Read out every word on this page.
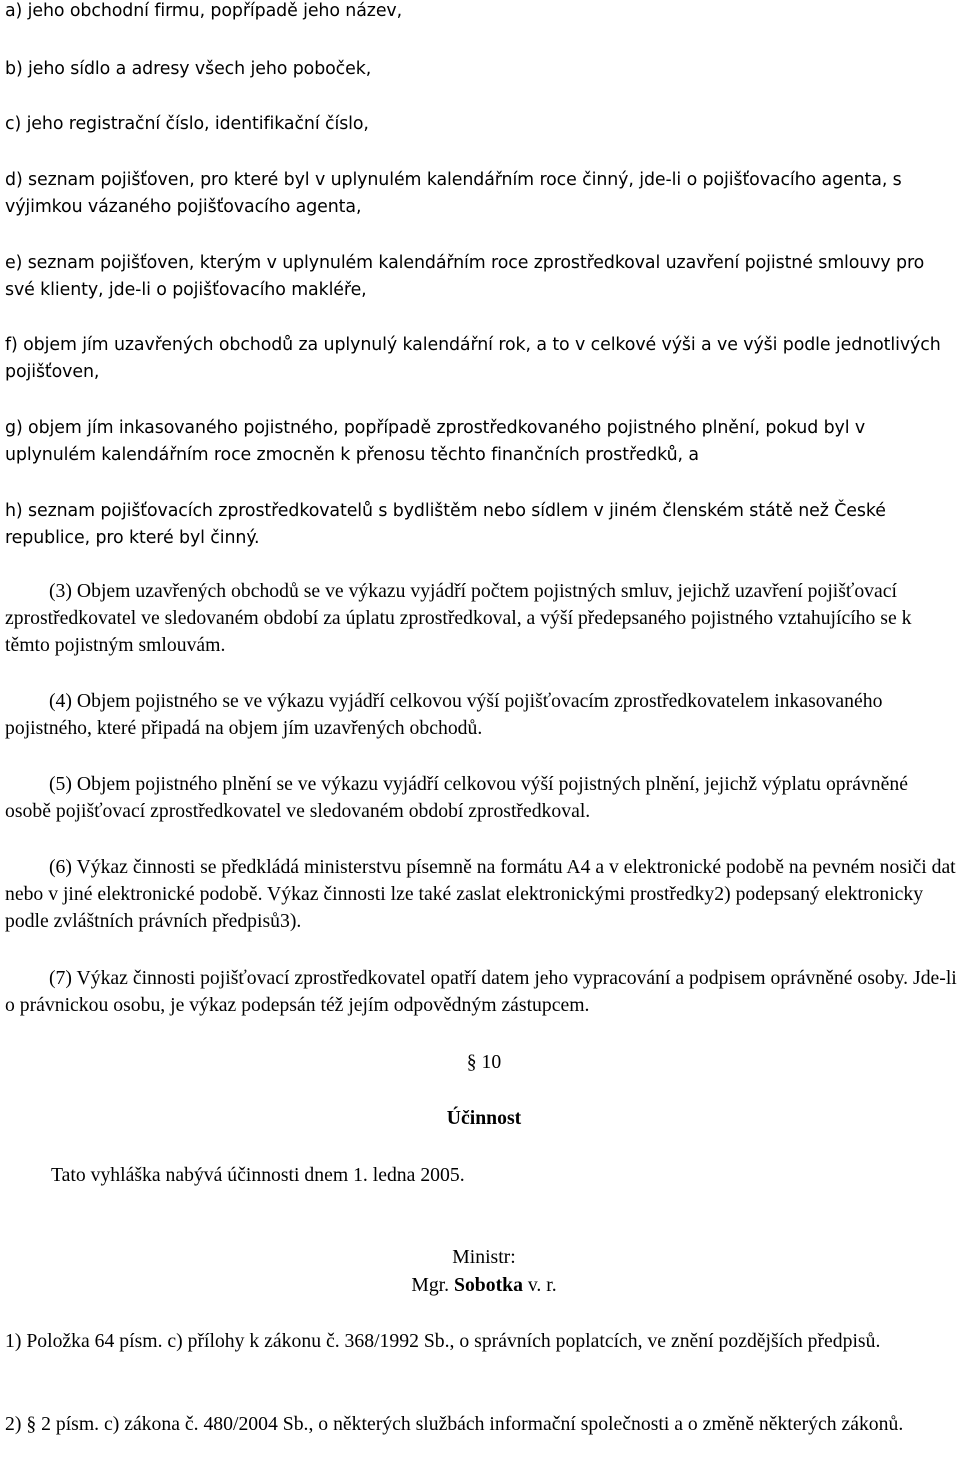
a) jeho obchodní firmu, popřípadě jeho název,

b) jeho sídlo a adresy všech jeho poboček,

c) jeho registrační číslo, identifikační číslo,

d) seznam pojišťoven, pro které byl v uplynulém kalendářním roce činný, jde-li o pojišťovacího agenta, s výjimkou vázaného pojišťovacího agenta,

e) seznam pojišťoven, kterým v uplynulém kalendářním roce zprostředkoval uzavření pojistné smlouvy pro své klienty, jde-li o pojišťovacího makléře,

f) objem jím uzavřených obchodů za uplynulý kalendářní rok, a to v celkové výši a ve výši podle jednotlivých pojišťoven,

g) objem jím inkasovaného pojistného, popřípadě zprostředkovaného pojistného plnění, pokud byl v uplynulém kalendářním roce zmocněn k přenosu těchto finančních prostředků, a

h) seznam pojišťovacích zprostředkovatelů s bydlištěm nebo sídlem v jiném členském státě než České republice, pro které byl činný.

(3) Objem uzavřených obchodů se ve výkazu vyjádří počtem pojistných smluv, jejichž uzavření pojišťovací zprostředkovatel ve sledovaném období za úplatu zprostředkoval, a výší předepsaného pojistného vztahujícího se k těmto pojistným smlouvám.

(4) Objem pojistného se ve výkazu vyjádří celkovou výší pojišťovacím zprostředkovatelem inkasovaného pojistného, které připadá na objem jím uzavřených obchodů.

(5) Objem pojistného plnění se ve výkazu vyjádří celkovou výší pojistných plnění, jejichž výplatu oprávněné osobě pojišťovací zprostředkovatel ve sledovaném období zprostředkoval.

(6) Výkaz činnosti se předkládá ministerstvu písemně na formátu A4 a v elektronické podobě na pevném nosiči dat nebo v jiné elektronické podobě. Výkaz činnosti lze také zaslat elektronickými prostředky2) podepsaný elektronicky podle zvláštních právních předpisů3).

(7) Výkaz činnosti pojišťovací zprostředkovatel opatří datem jeho vypracování a podpisem oprávněné osoby. Jde-li o právnickou osobu, je výkaz podepsán též jejím odpovědným zástupcem.

§ 10

Účinnost

Tato vyhláška nabývá účinnosti dnem 1. ledna 2005.

Ministr:

Mgr. Sobotka v. r.

1) Položka 64 písm. c) přílohy k zákonu č. 368/1992 Sb., o správních poplatcích, ve znění pozdějších předpisů.

2) § 2 písm. c) zákona č. 480/2004 Sb., o některých službách informační společnosti a o změně některých zákonů.
